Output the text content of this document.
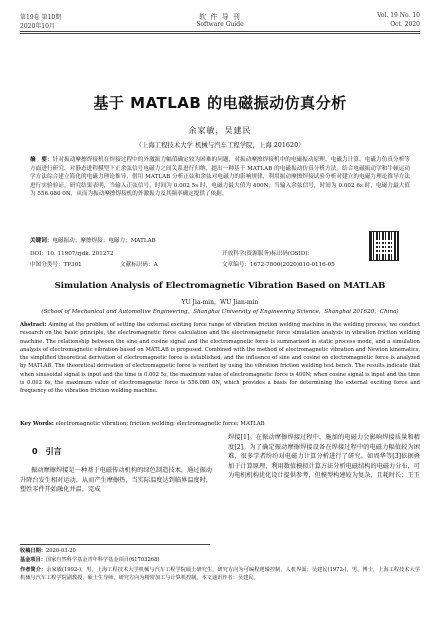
第19卷 第10期
2020年10月
软 件 导 刊
Software Guide
Vol. 19 No. 10
Oct. 2020
基于 MATLAB 的电磁振动仿真分析
余家敏，吴建民
（上海工程技术大学 机械与汽车工程学院，上海 201620）
摘　要：针对振动摩擦焊接机在焊接过程中的外激振力幅值确定较为困难的问题，对振动摩擦焊接机中的电磁振动原理、电磁力计算、电磁力仿真分析等方面进行研究，对静态进程模型下正余弦信号电磁力之间关系进行归纳，提出一种基于 MATLAB 的电磁振动仿真分析方法。结合电磁振动学和牛顿运动学方法综合建立简化的电磁力理论推导，借用 MATLAB 分析正弦和余弦对电磁力的影响规律，利用振动摩擦焊接试验分析对建立的电磁力理论推导方法进行实验验证。研究结果表明，当输入正弦信号，时间为 0.002 5s 时，电磁力最大值为 400N；当输入余弦信号，时间为 0.002 6s 时，电磁力最大值为 556.080 0N，从而为振动摩擦焊接机的外激振力及其频率确定提供了依据。
关键词：电磁振动；摩擦焊接；电磁力；MATLAB
DOI：10. 11907/rjdk. 201272
中图分类号：TP301	文献标识码：A
开放科学(资源服务)标识码(OSID)：
文章编号：1672-7800(2020)010-0116-05
Simulation Analysis of Electromagnetic Vibration Based on MATLAB
YU Jia-min，WU Jian-min
(School of Mechanical and Automotive Engineering，Shanghai University of Engineering Science，Shanghai 201620，China)
Abstract: Aiming at the problem of setting the external exciting force range of vibration friction welding machine in the welding process, we conduct research on the basic principle, the electromagnetic force calculation and the electromagnetic force simulation analysis in vibration friction welding machine. The relationship between the sine and cosine signal and the electromagnetic force is summarized in static process mode, and a simulation analysis of electromagnetic vibration based on MATLAB is proposed. Combined with the method of electromagnetic vibration and Newton kinematics, the simplified theoretical derivation of electromagnetic force is established, and the influence of sine and cosine on electromagnetic force is analyzed by MATLAB. The theoretical derivation of electromagnetic force is verified by using the vibration friction welding test bench. The results indicate that when sinusoidal signal is input and the time is 0.002 5s, the maximum value of electromagnetic force is 400N; when cosine signal is input and the time is 0.002 6s, the maximum value of electromagnetic force is 556.080 0N, which provides a basis for determining the external exciting force and frequency of the vibration friction welding machine.
Key Words: electromagnetic vibration; friction welding; electromagnetic force; MATLAB
0　引言
振动摩擦焊接是一种基于电磁传动机构的绿色制造技术，通过振动升降台发生相对运动，从而产生摩擦热，当实际温度达到临界温度时，塑性零件开始融化并温，完成
焊接[1]。在振动摩擦焊接过程中，施加的电磁力会影响焊接质量和精度[2]。为了确定振动摩擦焊接设备在焊接过程中的电磁力幅值较为困难，很多学者纷纷对电磁力计算分析进行了研究。如周华等[3]依据叠加于计算原理，利用数值模拟计算方法分析电磁结构的电磁力分布，可为电机机构优化设计提供参考，但模型构建较为复杂，且耗时长；王玉
收稿日期：2020-03-20
基金项目：国家自然科学基金青年科学基金项目(61703268)
作者简介：余家敏(1992-)，男，上海工程技术大学机械与汽车工程学院硕士研究生，研究方向为可编程逻辑控制、人机界面；吴建民(1972-)，男，博士，上海工程技术大学机械与汽车工程学院副教授、硕士生导师，研究方向为精密加工与计算机控制。本文通讯作者：吴建民。
